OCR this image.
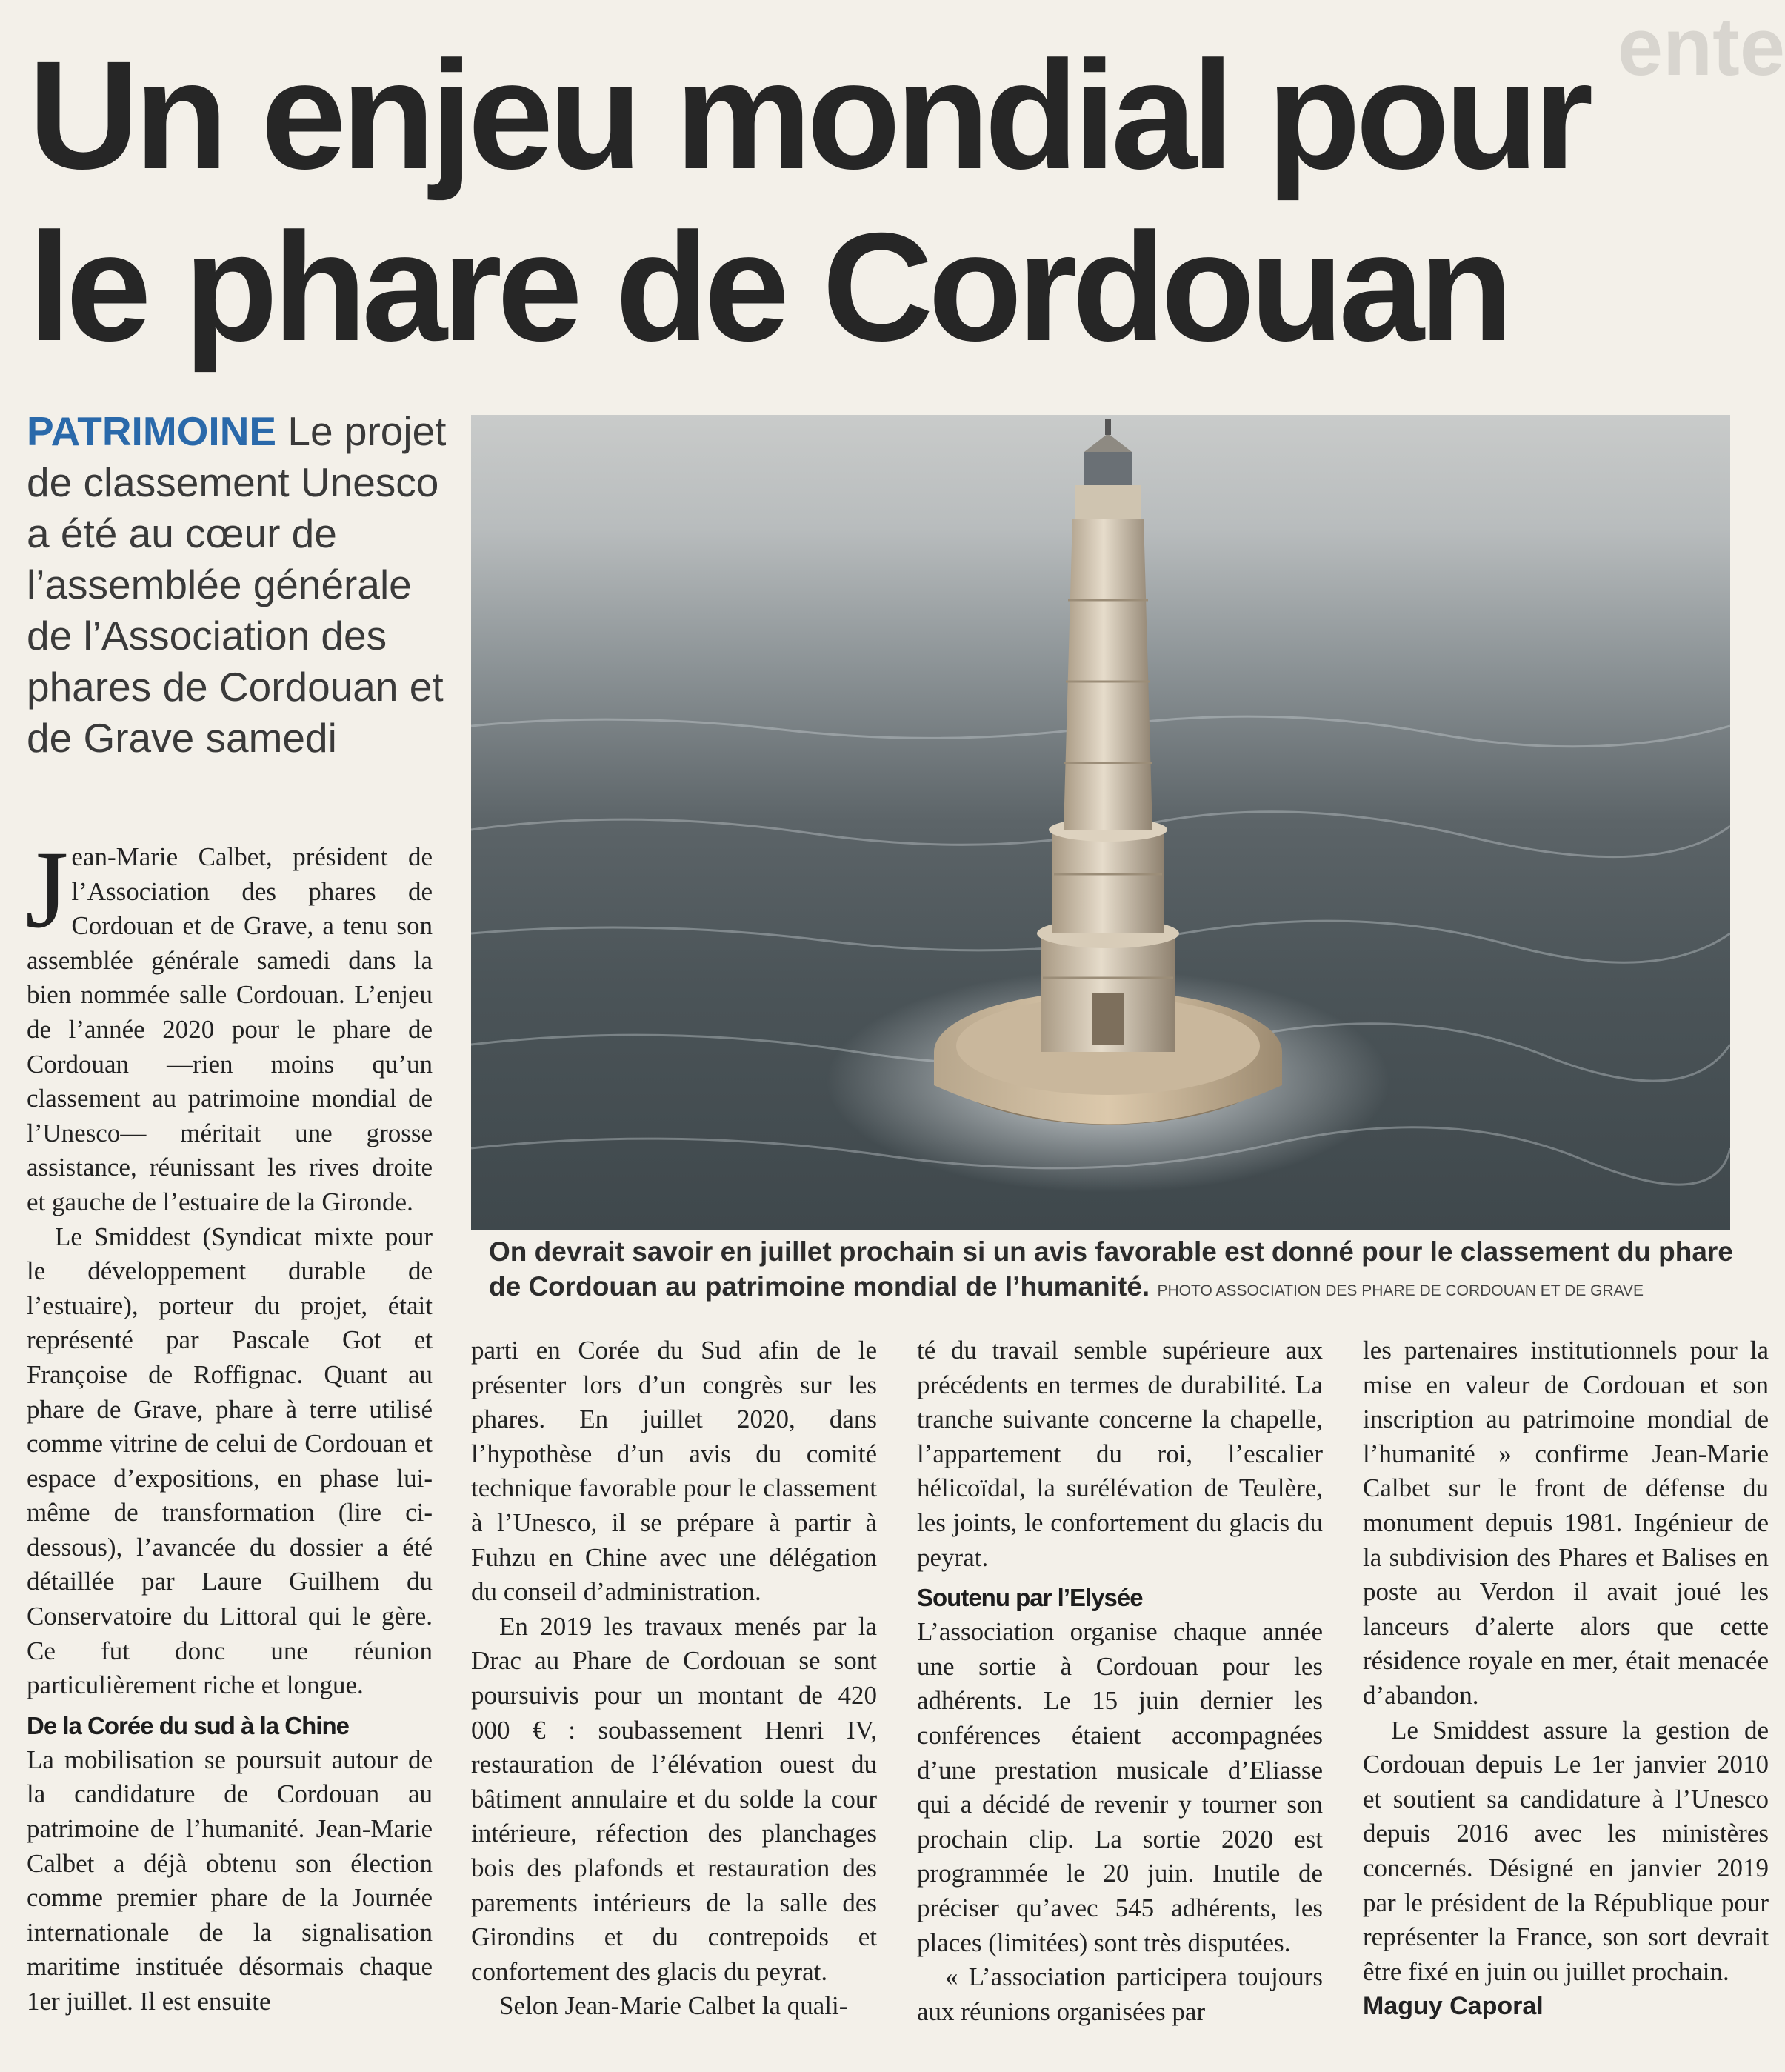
ente
Un enjeu mondial pour
le phare de Cordouan

PATRIMOINE Le projet de classement Unesco a été au cœur de l’assemblée générale de l’Association des phares de Cordouan et de Grave samedi

On devrait savoir en juillet prochain si un avis favorable est donné pour le classement du phare de Cordouan au patrimoine mondial de l’humanité. PHOTO ASSOCIATION DES PHARE DE CORDOUAN ET DE GRAVE

Jean-Marie Calbet, président de l’Association des phares de Cordouan et de Grave, a tenu son assemblée générale samedi dans la bien nommée salle Cordouan. L’enjeu de l’année 2020 pour le phare de Cordouan —rien moins qu’un classement au patrimoine mondial de l’Unesco— méritait une grosse assistance, réunissant les rives droite et gauche de l’estuaire de la Gironde.

Le Smiddest (Syndicat mixte pour le développement durable de l’estuaire), porteur du projet, était représenté par Pascale Got et Françoise de Roffignac. Quant au phare de Grave, phare à terre utilisé comme vitrine de celui de Cordouan et espace d’expositions, en phase lui-même de transformation (lire ci-dessous), l’avancée du dossier a été détaillée par Laure Guilhem du Conservatoire du Littoral qui le gère. Ce fut donc une réunion particulièrement riche et longue.

De la Corée du sud à la Chine

La mobilisation se poursuit autour de la candidature de Cordouan au patrimoine de l’humanité. Jean-Marie Calbet a déjà obtenu son élection comme premier phare de la Journée internationale de la signalisation maritime instituée désormais chaque 1er juillet. Il est ensuite

parti en Corée du Sud afin de le présenter lors d’un congrès sur les phares. En juillet 2020, dans l’hypothèse d’un avis du comité technique favorable pour le classement à l’Unesco, il se prépare à partir à Fuhzu en Chine avec une délégation du conseil d’administration.

En 2019 les travaux menés par la Drac au Phare de Cordouan se sont poursuivis pour un montant de 420 000 € : soubassement Henri IV, restauration de l’élévation ouest du bâtiment annulaire et du solde la cour intérieure, réfection des planchages bois des plafonds et restauration des parements intérieurs de la salle des Girondins et du contrepoids et confortement des glacis du peyrat.

Selon Jean-Marie Calbet la quali-

té du travail semble supérieure aux précédents en termes de durabilité. La tranche suivante concerne la chapelle, l’appartement du roi, l’escalier hélicoïdal, la surélévation de Teulère, les joints, le confortement du glacis du peyrat.

Soutenu par l’Elysée

L’association organise chaque année une sortie à Cordouan pour les adhérents. Le 15 juin dernier les conférences étaient accompagnées d’une prestation musicale d’Eliasse qui a décidé de revenir y tourner son prochain clip. La sortie 2020 est programmée le 20 juin. Inutile de préciser qu’avec 545 adhérents, les places (limitées) sont très disputées.

« L’association participera toujours aux réunions organisées par

les partenaires institutionnels pour la mise en valeur de Cordouan et son inscription au patrimoine mondial de l’humanité » confirme Jean-Marie Calbet sur le front de défense du monument depuis 1981. Ingénieur de la subdivision des Phares et Balises en poste au Verdon il avait joué les lanceurs d’alerte alors que cette résidence royale en mer, était menacée d’abandon.

Le Smiddest assure la gestion de Cordouan depuis Le 1er janvier 2010 et soutient sa candidature à l’Unesco depuis 2016 avec les ministères concernés. Désigné en janvier 2019 par le président de la République pour représenter la France, son sort devrait être fixé en juin ou juillet prochain.

Maguy Caporal
